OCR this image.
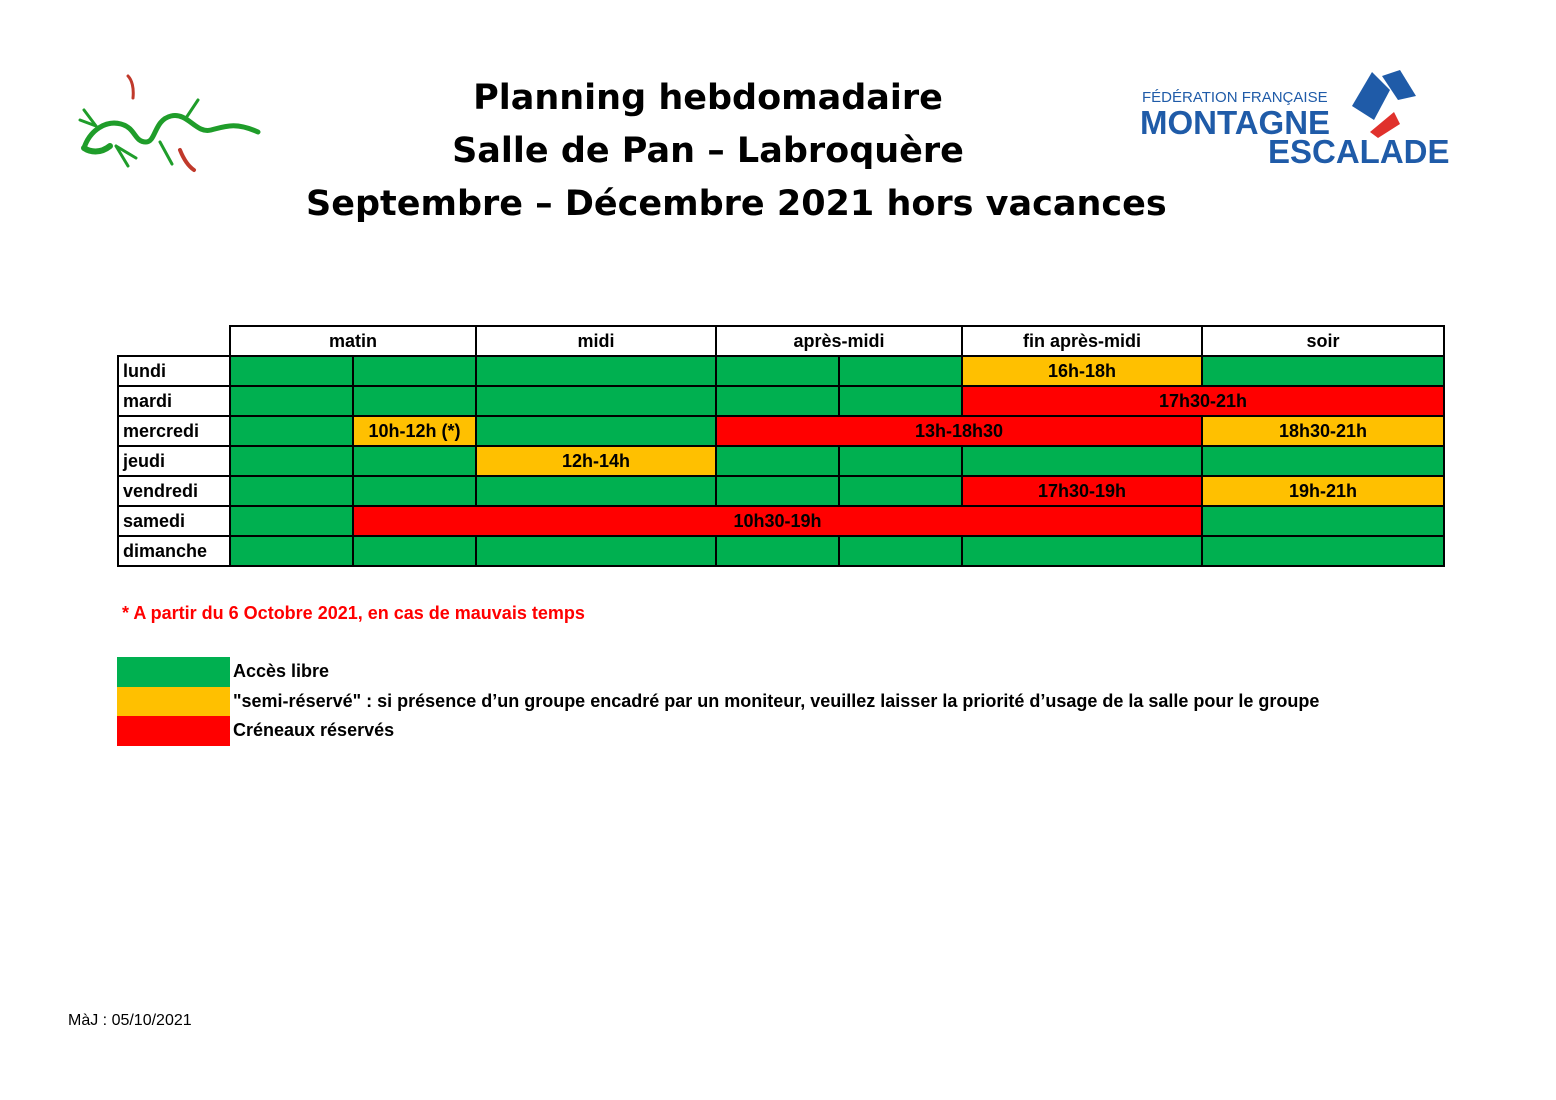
Planning hebdomadaire
Salle de Pan – Labroquère
Septembre – Décembre 2021 hors vacances
FÉDÉRATION FRANÇAISE
MONTAGNE
ESCALADE
	matin		midi	après-midi		fin après-midi	soir
lundi						16h-18h	
mardi						17h30-21h	
mercredi		10h-12h (*)		13h-18h30			18h30-21h
jeudi			12h-14h				
vendredi						17h30-19h	19h-21h
samedi		10h30-19h					
dimanche							
* A partir du 6 Octobre 2021, en cas de mauvais temps
Accès libre
"semi-réservé" : si présence d’un groupe encadré par un moniteur, veuillez laisser la priorité d’usage de la salle pour le groupe
Créneaux réservés
MàJ : 05/10/2021
